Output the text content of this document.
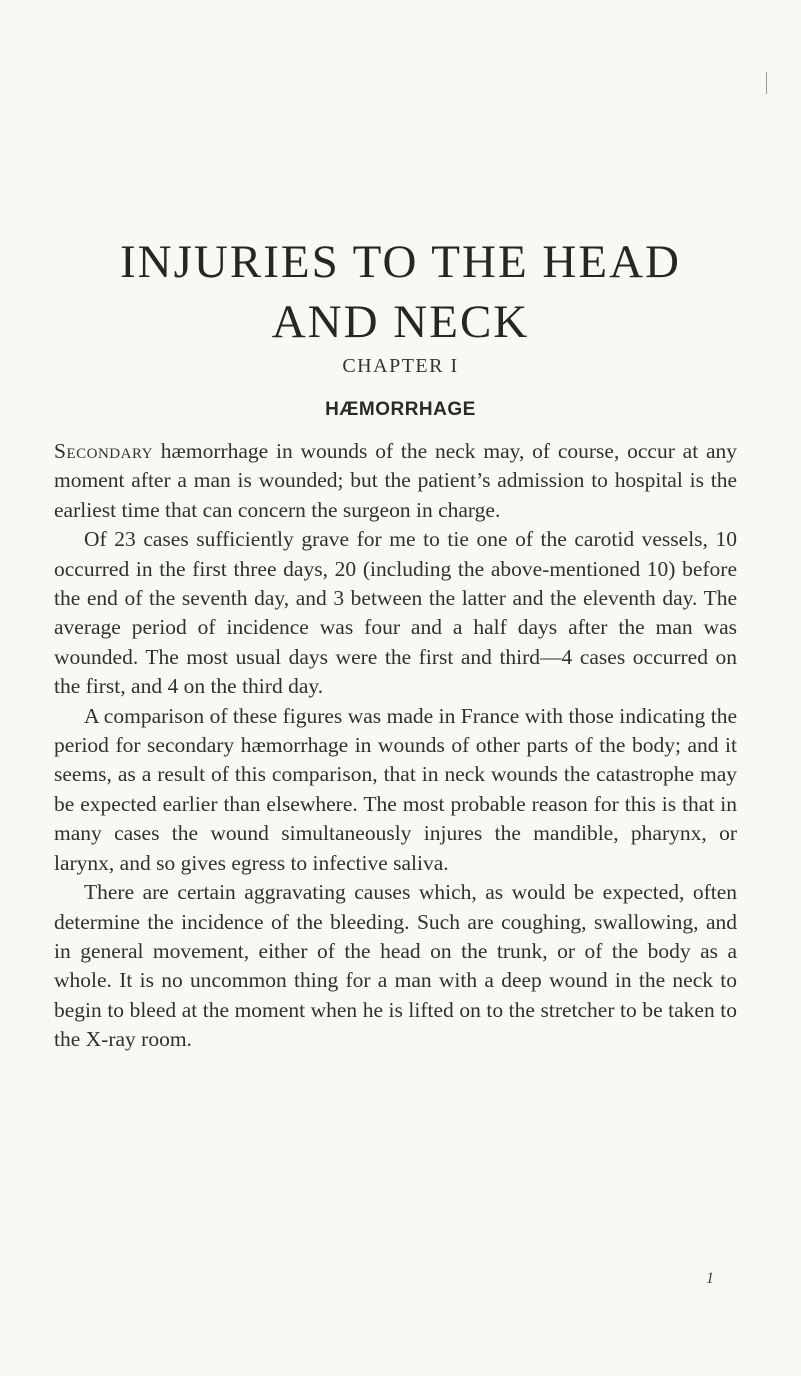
INJURIES TO THE HEAD
AND NECK
CHAPTER I
HÆMORRHAGE

Secondary hæmorrhage in wounds of the neck may, of course, occur at any moment after a man is wounded; but the patient’s admission to hospital is the earliest time that can concern the surgeon in charge.

Of 23 cases sufficiently grave for me to tie one of the carotid vessels, 10 occurred in the first three days, 20 (including the above-mentioned 10) before the end of the seventh day, and 3 between the latter and the eleventh day. The average period of incidence was four and a half days after the man was wounded. The most usual days were the first and third—4 cases occurred on the first, and 4 on the third day.

A comparison of these figures was made in France with those indicating the period for secondary hæmorrhage in wounds of other parts of the body; and it seems, as a result of this comparison, that in neck wounds the catastrophe may be expected earlier than elsewhere. The most probable reason for this is that in many cases the wound simultaneously injures the mandible, pharynx, or larynx, and so gives egress to infective saliva.

There are certain aggravating causes which, as would be expected, often determine the incidence of the bleeding. Such are coughing, swallowing, and in general movement, either of the head on the trunk, or of the body as a whole. It is no uncommon thing for a man with a deep wound in the neck to begin to bleed at the moment when he is lifted on to the stretcher to be taken to the X-ray room.

1
